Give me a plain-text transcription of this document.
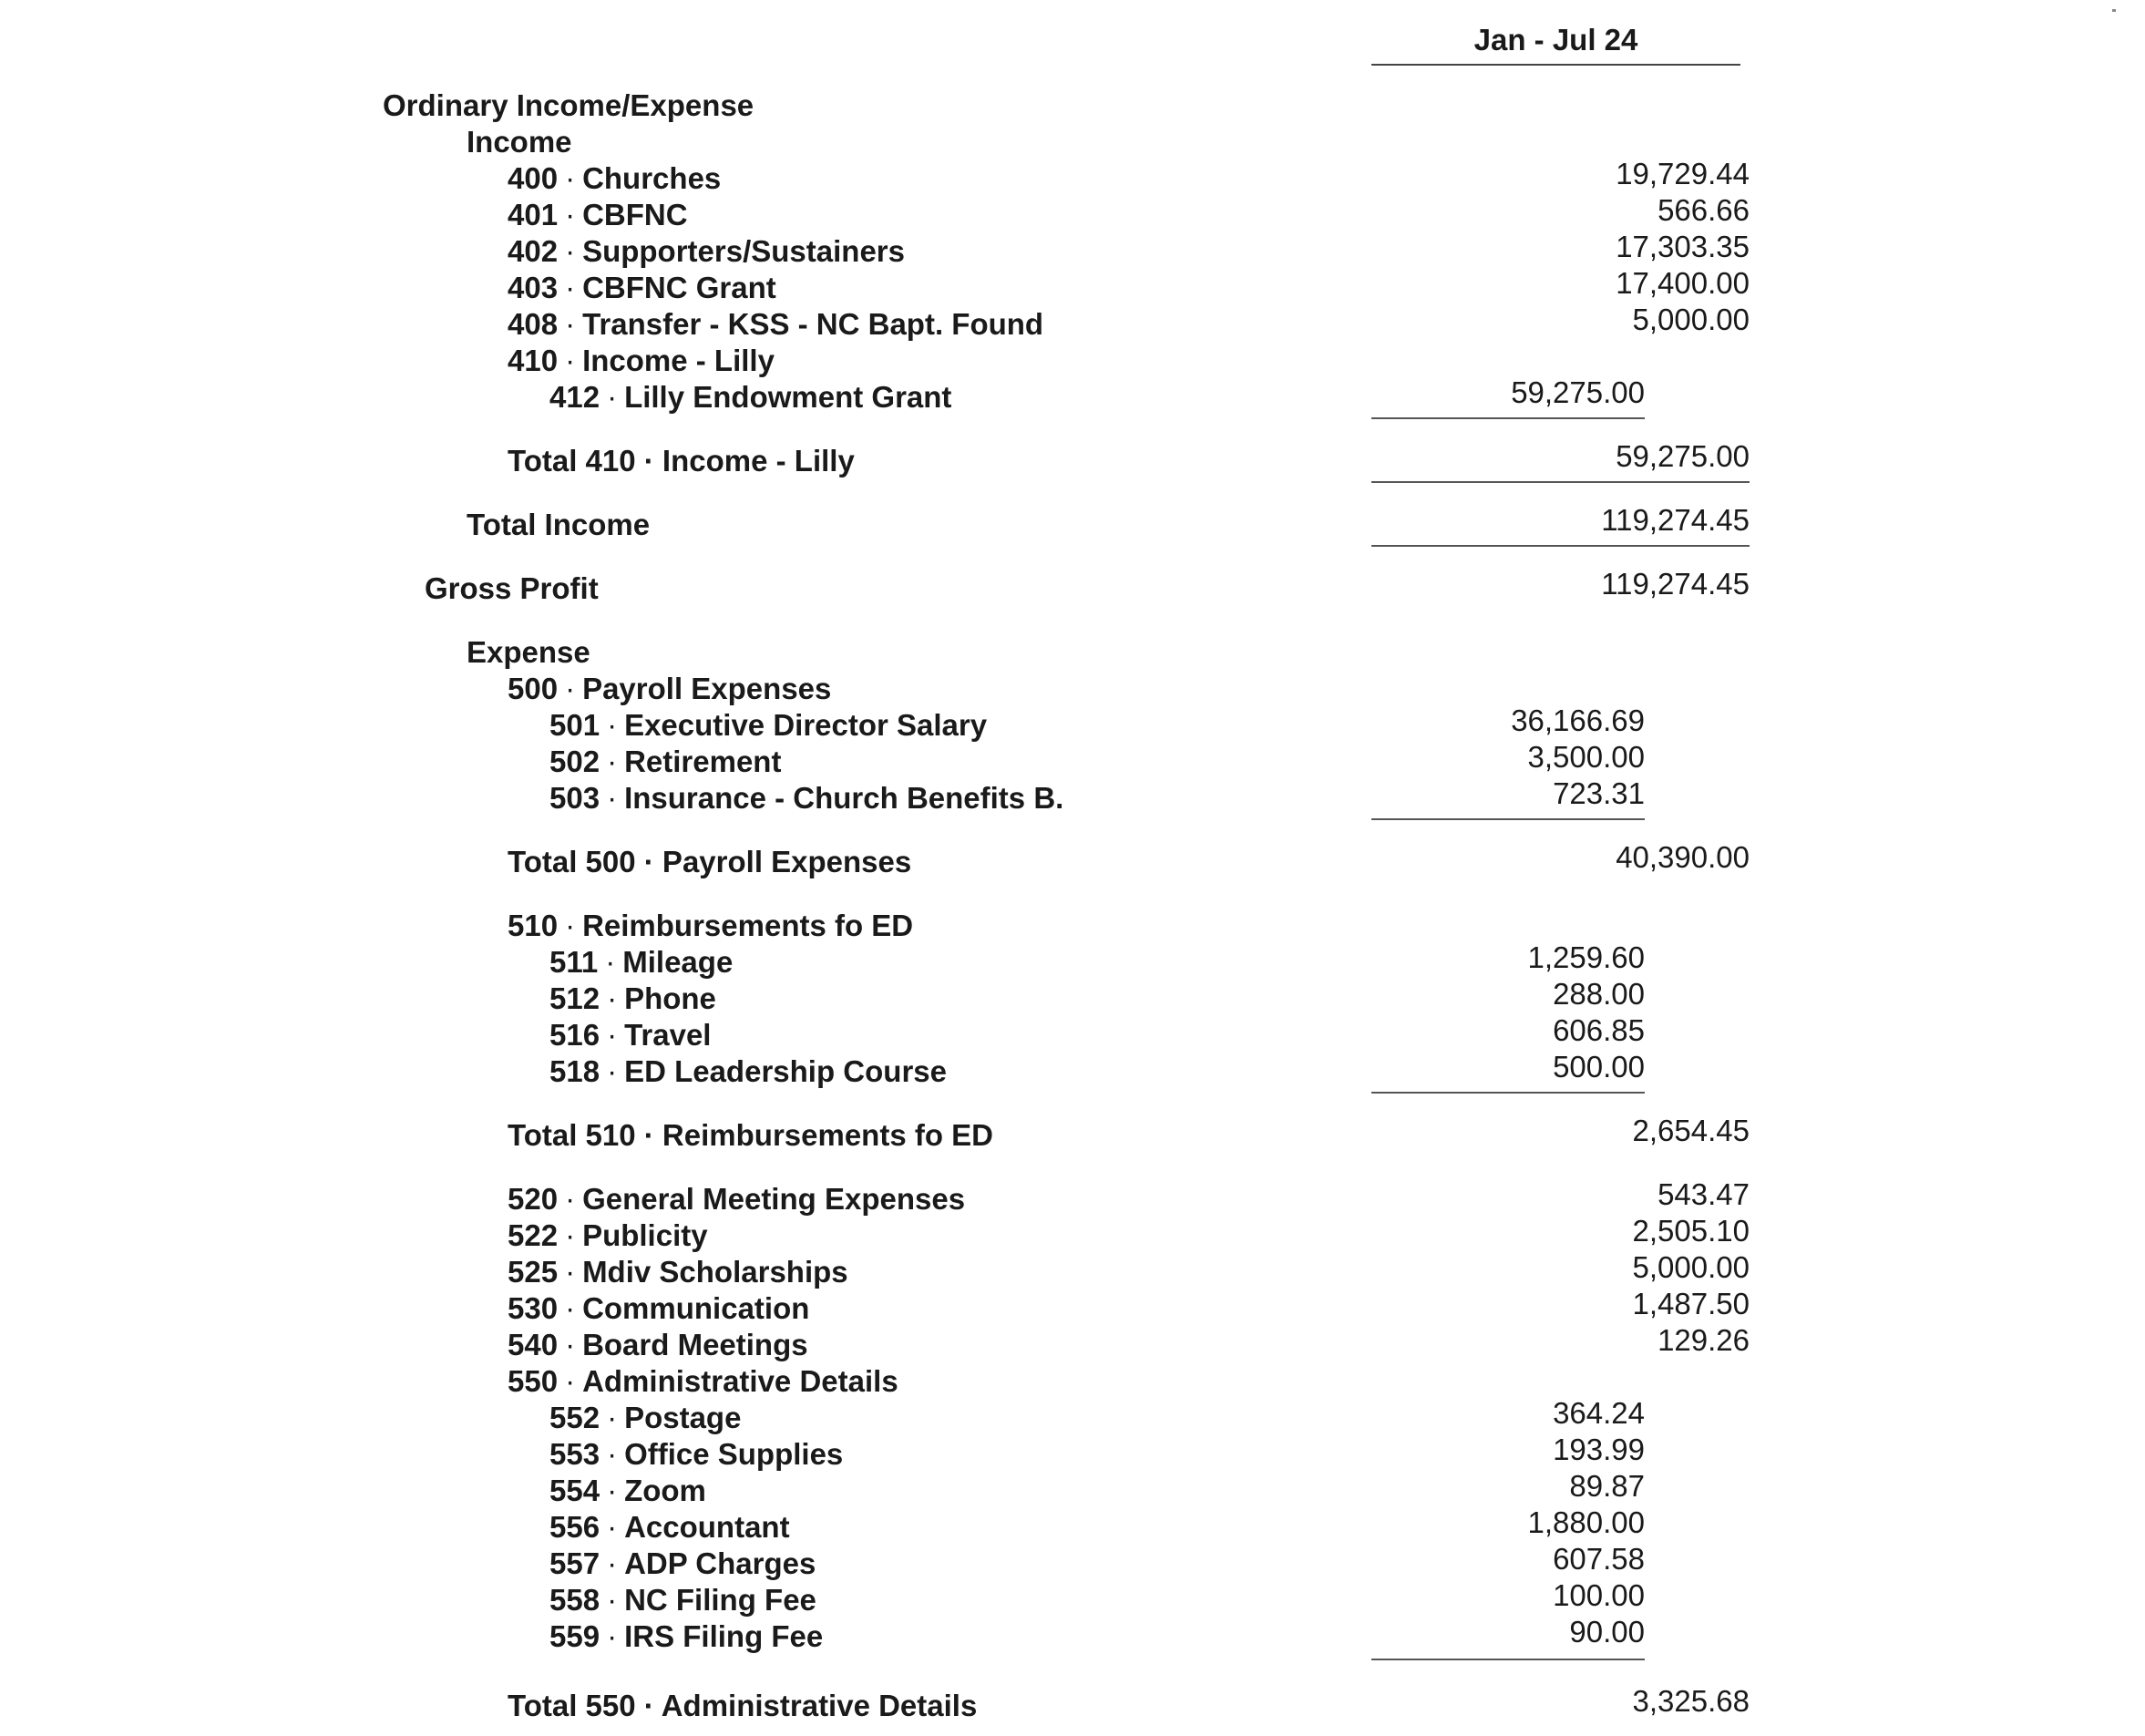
Jan - Jul 24
Ordinary Income/Expense
Income
400 · Churches	19,729.44
401 · CBFNC	566.66
402 · Supporters/Sustainers	17,303.35
403 · CBFNC Grant	17,400.00
408 · Transfer - KSS - NC Bapt. Found	5,000.00
410 · Income - Lilly
412 · Lilly Endowment Grant	59,275.00
Total 410 · Income - Lilly	59,275.00
Total Income	119,274.45
Gross Profit	119,274.45
Expense
500 · Payroll Expenses
501 · Executive Director Salary	36,166.69
502 · Retirement	3,500.00
503 · Insurance - Church Benefits B.	723.31
Total 500 · Payroll Expenses	40,390.00
510 · Reimbursements fo ED
511 · Mileage	1,259.60
512 · Phone	288.00
516 · Travel	606.85
518 · ED Leadership Course	500.00
Total 510 · Reimbursements fo ED	2,654.45
520 · General Meeting Expenses	543.47
522 · Publicity	2,505.10
525 · Mdiv Scholarships	5,000.00
530 · Communication	1,487.50
540 · Board Meetings	129.26
550 · Administrative Details
552 · Postage	364.24
553 · Office Supplies	193.99
554 · Zoom	89.87
556 · Accountant	1,880.00
557 · ADP Charges	607.58
558 · NC Filing Fee	100.00
559 · IRS Filing Fee	90.00
Total 550 · Administrative Details	3,325.68
